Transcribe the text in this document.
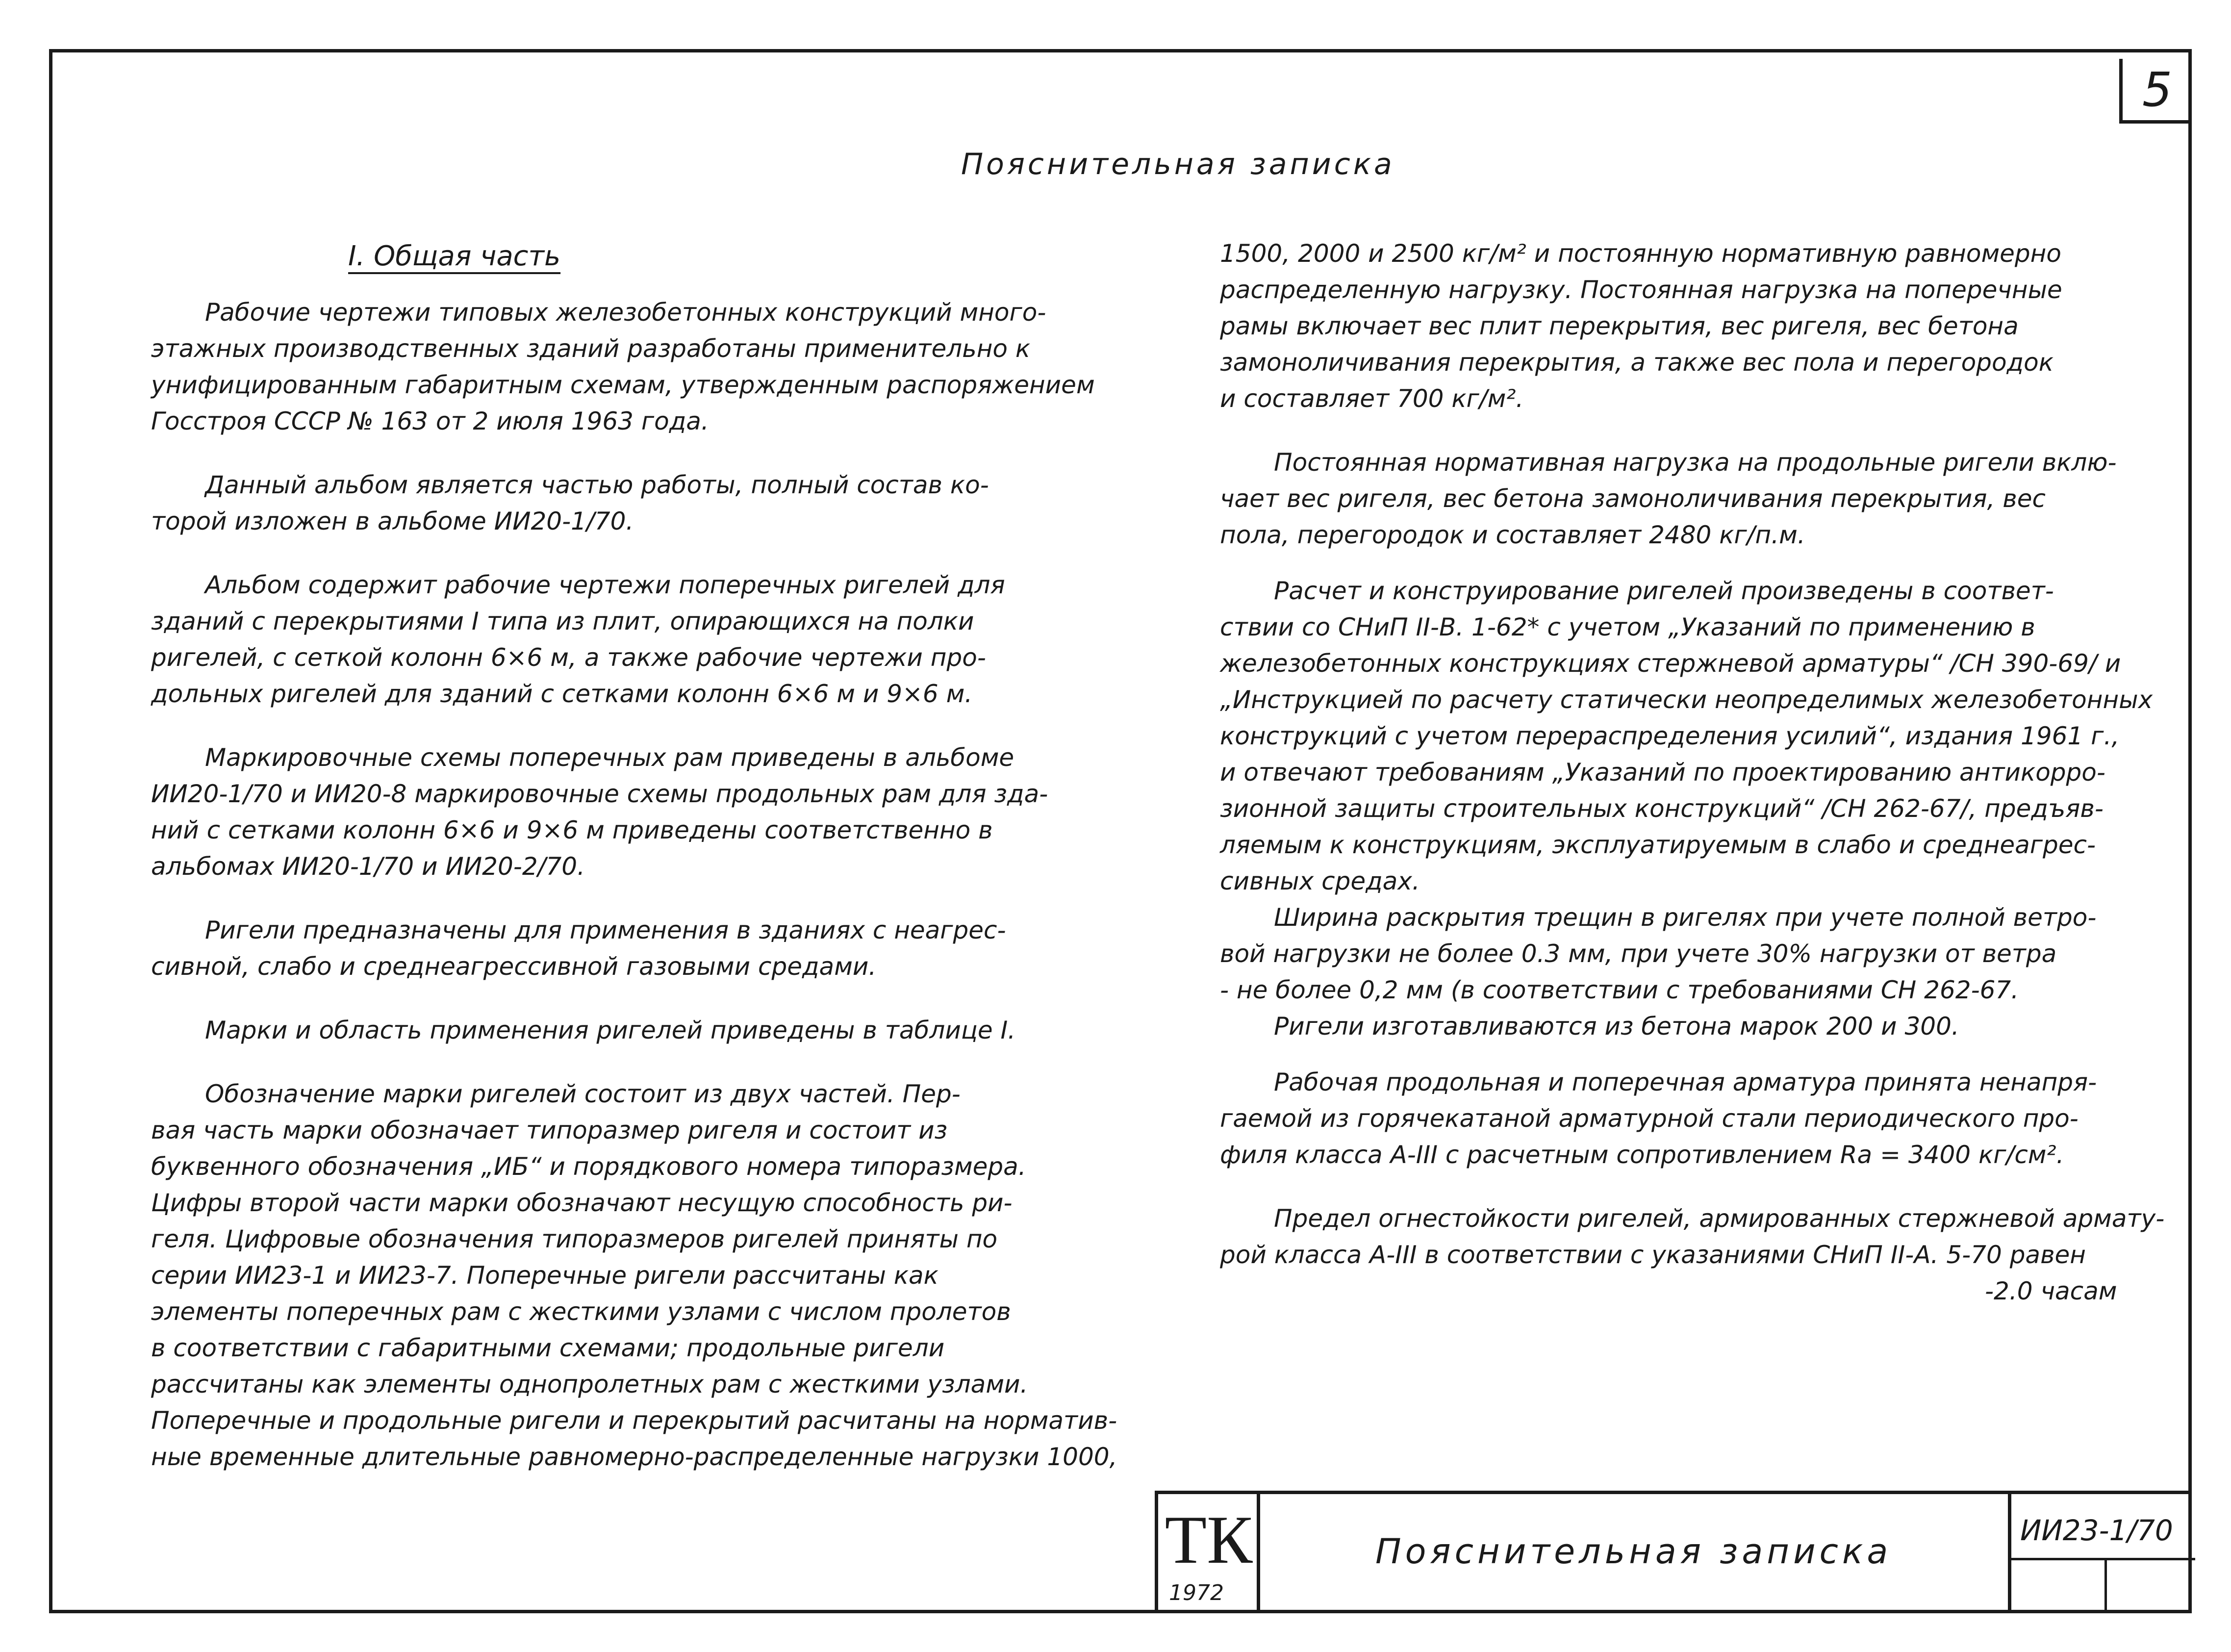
5
Пояснительная записка
I. Общая часть
Рабочие чертежи типовых железобетонных конструкций много-
этажных производственных зданий разработаны применительно к
унифицированным габаритным схемам, утвержденным распоряжением
Госстроя СССР № 163 от 2 июля 1963 года.
Данный альбом является частью работы, полный состав ко-
торой изложен в альбоме ИИ20-1/70.
Альбом содержит рабочие чертежи поперечных ригелей для
зданий с перекрытиями I типа из плит, опирающихся на полки
ригелей, с сеткой колонн 6×6 м, а также рабочие чертежи про-
дольных ригелей для зданий с сетками колонн 6×6 м и 9×6 м.
Маркировочные схемы поперечных рам приведены в альбоме
ИИ20-1/70 и ИИ20-8 маркировочные схемы продольных рам для зда-
ний с сетками колонн 6×6 и 9×6 м приведены соответственно в
альбомах ИИ20-1/70 и ИИ20-2/70.
Ригели предназначены для применения в зданиях с неагрес-
сивной, слабо и среднеагрессивной газовыми средами.
Марки и область применения ригелей приведены в таблице I.
Обозначение марки ригелей состоит из двух частей. Пер-
вая часть марки обозначает типоразмер ригеля и состоит из
буквенного обозначения „ИБ“ и порядкового номера типоразмера.
Цифры второй части марки обозначают несущую способность ри-
геля. Цифровые обозначения типоразмеров ригелей приняты по
серии ИИ23-1 и ИИ23-7. Поперечные ригели рассчитаны как
элементы поперечных рам с жесткими узлами с числом пролетов
в соответствии с габаритными схемами; продольные ригели
рассчитаны как элементы однопролетных рам с жесткими узлами.
Поперечные и продольные ригели и перекрытий расчитаны на норматив-
ные временные длительные равномерно-распределенные нагрузки 1000,
1500, 2000 и 2500 кг/м² и постоянную нормативную равномерно
распределенную нагрузку. Постоянная нагрузка на поперечные
рамы включает вес плит перекрытия, вес ригеля, вес бетона
замоноличивания перекрытия, а также вес пола и перегородок
и составляет 700 кг/м².
Постоянная нормативная нагрузка на продольные ригели вклю-
чает вес ригеля, вес бетона замоноличивания перекрытия, вес
пола, перегородок и составляет 2480 кг/п.м.
Расчет и конструирование ригелей произведены в соответ-
ствии со СНиП II-В. 1-62* с учетом „Указаний по применению в
железобетонных конструкциях стержневой арматуры“ /СН 390-69/ и
„Инструкцией по расчету статически неопределимых железобетонных
конструкций с учетом перераспределения усилий“, издания 1961 г.,
и отвечают требованиям „Указаний по проектированию антикорро-
зионной защиты строительных конструкций“ /СН 262-67/, предъяв-
ляемым к конструкциям, эксплуатируемым в слабо и среднеагрес-
сивных средах.
Ширина раскрытия трещин в ригелях при учете полной ветро-
вой нагрузки не более 0.3 мм, при учете 30% нагрузки от ветра
- не более 0,2 мм (в соответствии с требованиями СН 262-67.
Ригели изготавливаются из бетона марок 200 и 300.
Рабочая продольная и поперечная арматура принята ненапря-
гаемой из горячекатаной арматурной стали периодического про-
филя класса А-III с расчетным сопротивлением Ra = 3400 кг/см².
Предел огнестойкости ригелей, армированных стержневой армату-
рой класса А-III в соответствии с указаниями СНиП II-А. 5-70 равен
-2.0 часам
ТК
1972
Пояснительная записка
ИИ23-1/70
